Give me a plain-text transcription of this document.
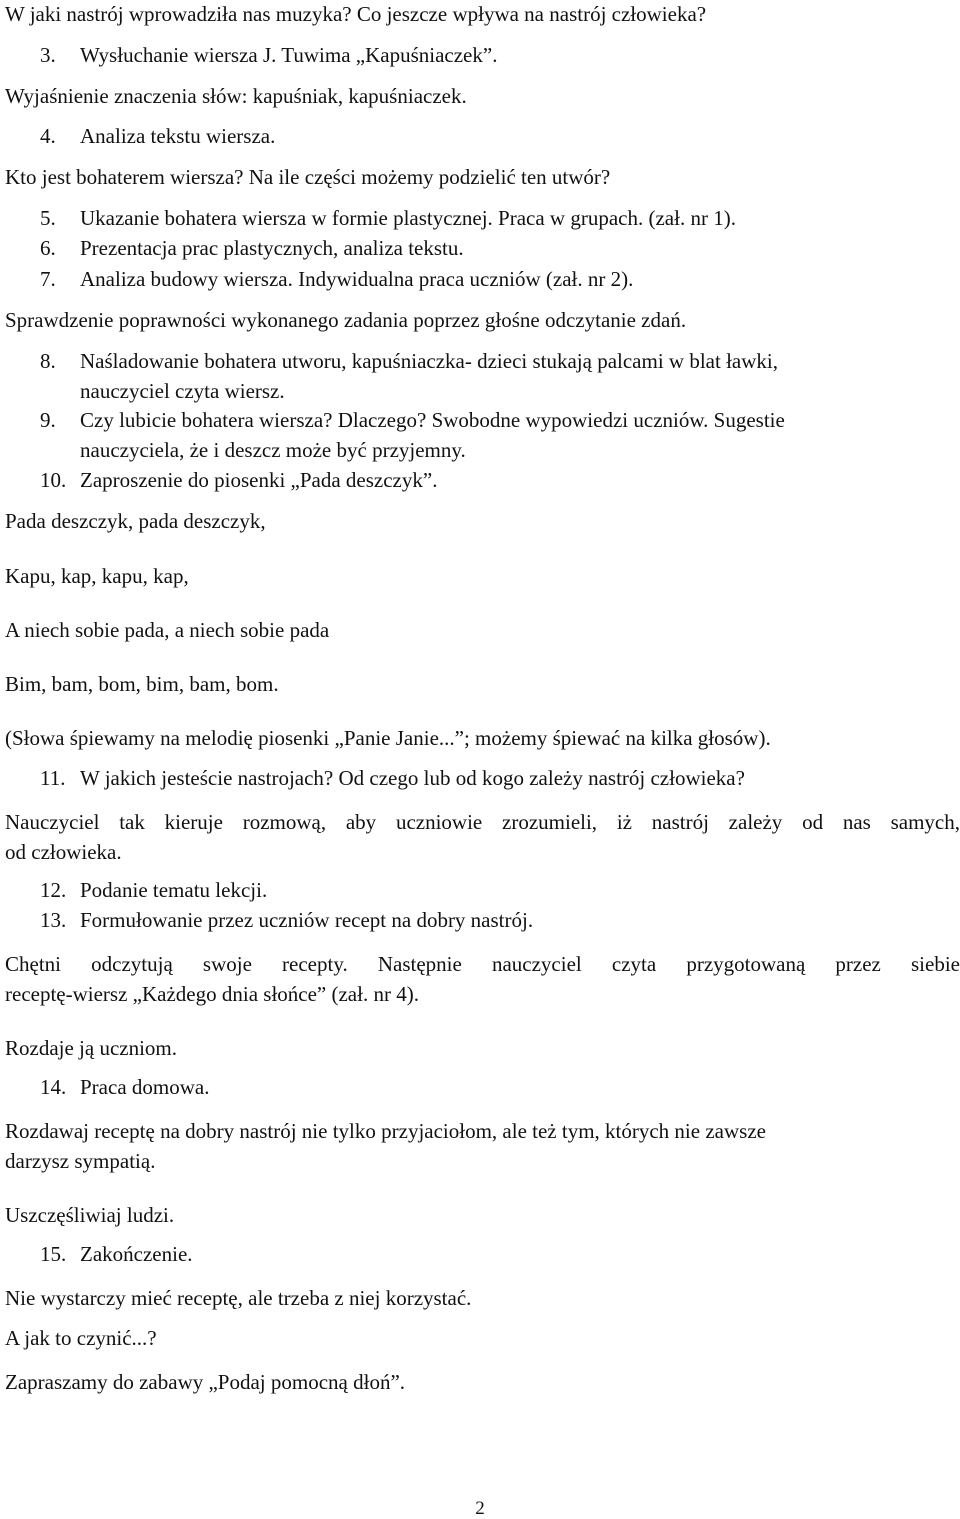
W jaki nastrój wprowadziła nas muzyka? Co jeszcze wpływa na nastrój człowieka?
3. Wysłuchanie wiersza J. Tuwima „Kapuśniaczek”.
Wyjaśnienie znaczenia słów: kapuśniak, kapuśniaczek.
4. Analiza tekstu wiersza.
Kto jest bohaterem wiersza? Na ile części możemy podzielić ten utwór?
5. Ukazanie bohatera wiersza w formie plastycznej. Praca w grupach. (zał. nr 1).
6. Prezentacja prac plastycznych, analiza tekstu.
7. Analiza budowy wiersza. Indywidualna praca uczniów (zał. nr 2).
Sprawdzenie poprawności wykonanego zadania poprzez głośne odczytanie zdań.
8. Naśladowanie bohatera utworu, kapuśniaczka- dzieci stukają palcami w blat ławki,
nauczyciel czyta wiersz.
9. Czy lubicie bohatera wiersza? Dlaczego? Swobodne wypowiedzi uczniów. Sugestie
nauczyciela, że i deszcz może być przyjemny.
10. Zaproszenie do piosenki „Pada deszczyk”.
Pada deszczyk, pada deszczyk,
Kapu, kap, kapu, kap,
A niech sobie pada, a niech sobie pada
Bim, bam, bom, bim, bam, bom.
(Słowa śpiewamy na melodię piosenki „Panie Janie...”; możemy śpiewać na kilka głosów).
11. W jakich jesteście nastrojach? Od czego lub od kogo zależy nastrój człowieka?
Nauczyciel tak kieruje rozmową, aby uczniowie zrozumieli, iż nastrój zależy od nas samych,
od człowieka.
12. Podanie tematu lekcji.
13. Formułowanie przez uczniów recept na dobry nastrój.
Chętni odczytują swoje recepty. Następnie nauczyciel czyta przygotowaną przez siebie
receptę-wiersz „Każdego dnia słońce” (zał. nr 4).
Rozdaje ją uczniom.
14. Praca domowa.
Rozdawaj receptę na dobry nastrój nie tylko przyjaciołom, ale też tym, których nie zawsze
darzysz sympatią.
Uszczęśliwiaj ludzi.
15. Zakończenie.
Nie wystarczy mieć receptę, ale trzeba z niej korzystać.
A jak to czynić...?
Zapraszamy do zabawy „Podaj pomocną dłoń”.
2
